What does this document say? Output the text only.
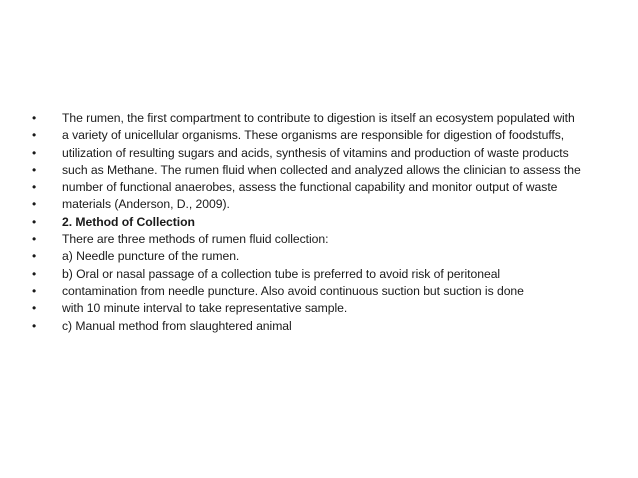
•	The rumen, the first compartment to contribute to digestion is itself an ecosystem populated with
•	a variety of unicellular organisms. These organisms are responsible for digestion of foodstuffs,
•	utilization of resulting sugars and acids, synthesis of vitamins and production of waste products
•	such as Methane. The rumen fluid when collected and analyzed allows the clinician to assess the
•	number of functional anaerobes, assess the functional capability and monitor output of waste
•	materials (Anderson, D., 2009).
•	2. Method of Collection
•	There are three methods of rumen fluid collection:
•	a) Needle puncture of the rumen.
•	b) Oral or nasal passage of a collection tube is preferred to avoid risk of peritoneal
•	contamination from needle puncture. Also avoid continuous suction but suction is done
•	with 10 minute interval to take representative sample.
•	c) Manual method from slaughtered animal
